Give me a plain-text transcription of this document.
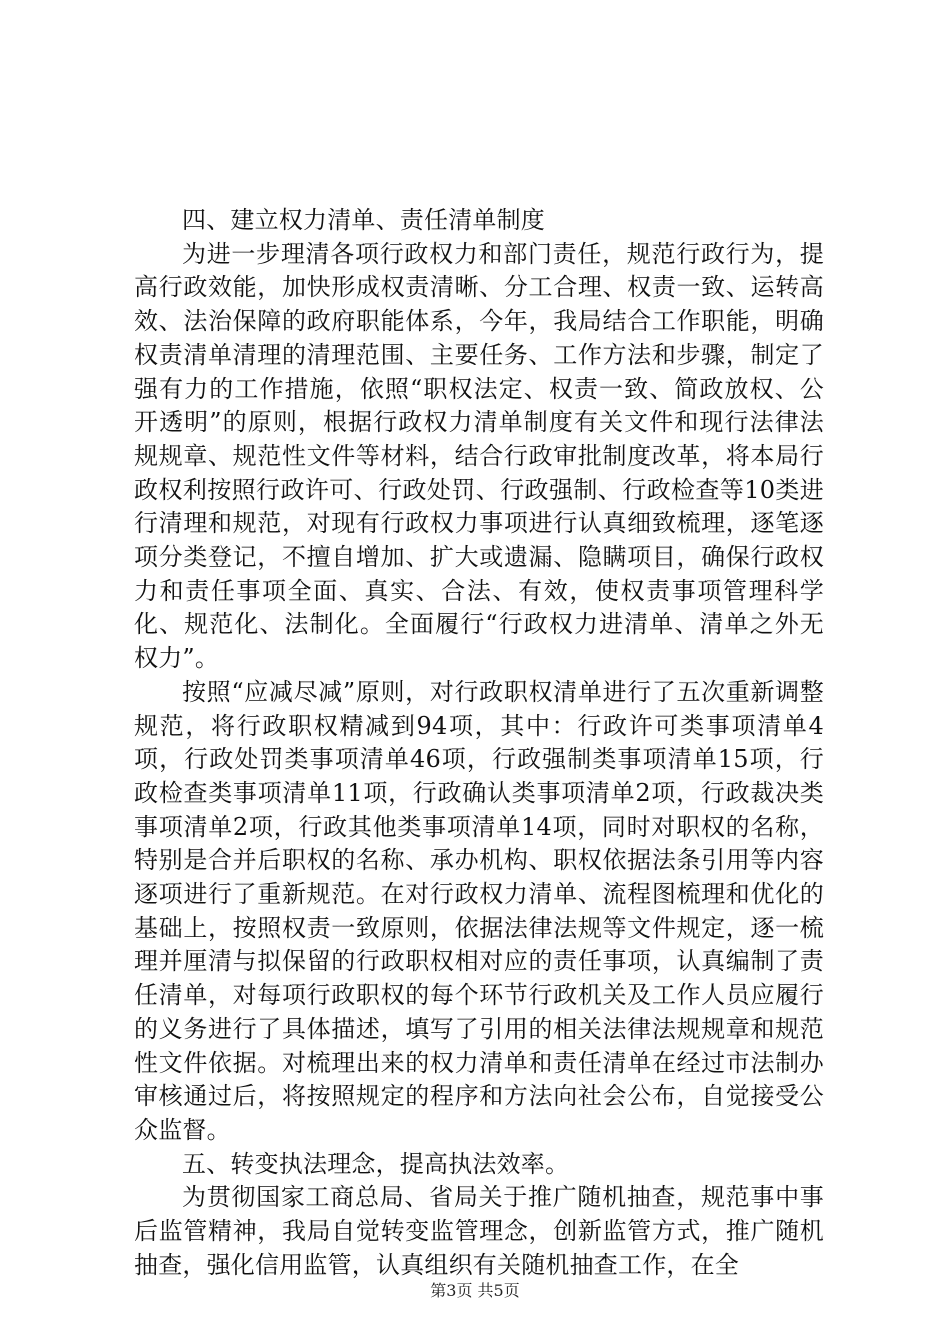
四、建立权力清单、责任清单制度

为进一步理清各项行政权力和部门责任，规范行政行为，提高行政效能，加快形成权责清晰、分工合理、权责一致、运转高效、法治保障的政府职能体系，今年，我局结合工作职能，明确权责清单清理的清理范围、主要任务、工作方法和步骤，制定了强有力的工作措施，依照“职权法定、权责一致、简政放权、公开透明”的原则，根据行政权力清单制度有关文件和现行法律法规规章、规范性文件等材料，结合行政审批制度改革，将本局行政权利按照行政许可、行政处罚、行政强制、行政检查等10类进行清理和规范，对现有行政权力事项进行认真细致梳理，逐笔逐项分类登记，不擅自增加、扩大或遗漏、隐瞒项目，确保行政权力和责任事项全面、真实、合法、有效，使权责事项管理科学化、规范化、法制化。全面履行“行政权力进清单、清单之外无权力”。

按照“应减尽减”原则，对行政职权清单进行了五次重新调整规范，将行政职权精减到94项，其中：行政许可类事项清单4项，行政处罚类事项清单46项，行政强制类事项清单15项，行政检查类事项清单11项，行政确认类事项清单2项，行政裁决类事项清单2项，行政其他类事项清单14项，同时对职权的名称，特别是合并后职权的名称、承办机构、职权依据法条引用等内容逐项进行了重新规范。在对行政权力清单、流程图梳理和优化的基础上，按照权责一致原则，依据法律法规等文件规定，逐一梳理并厘清与拟保留的行政职权相对应的责任事项，认真编制了责任清单，对每项行政职权的每个环节行政机关及工作人员应履行的义务进行了具体描述，填写了引用的相关法律法规规章和规范性文件依据。对梳理出来的权力清单和责任清单在经过市法制办审核通过后，将按照规定的程序和方法向社会公布，自觉接受公众监督。

五、转变执法理念，提高执法效率。

为贯彻国家工商总局、省局关于推广随机抽查，规范事中事后监管精神，我局自觉转变监管理念，创新监管方式，推广随机抽查，强化信用监管，认真组织有关随机抽查工作，在全

第3页 共5页
